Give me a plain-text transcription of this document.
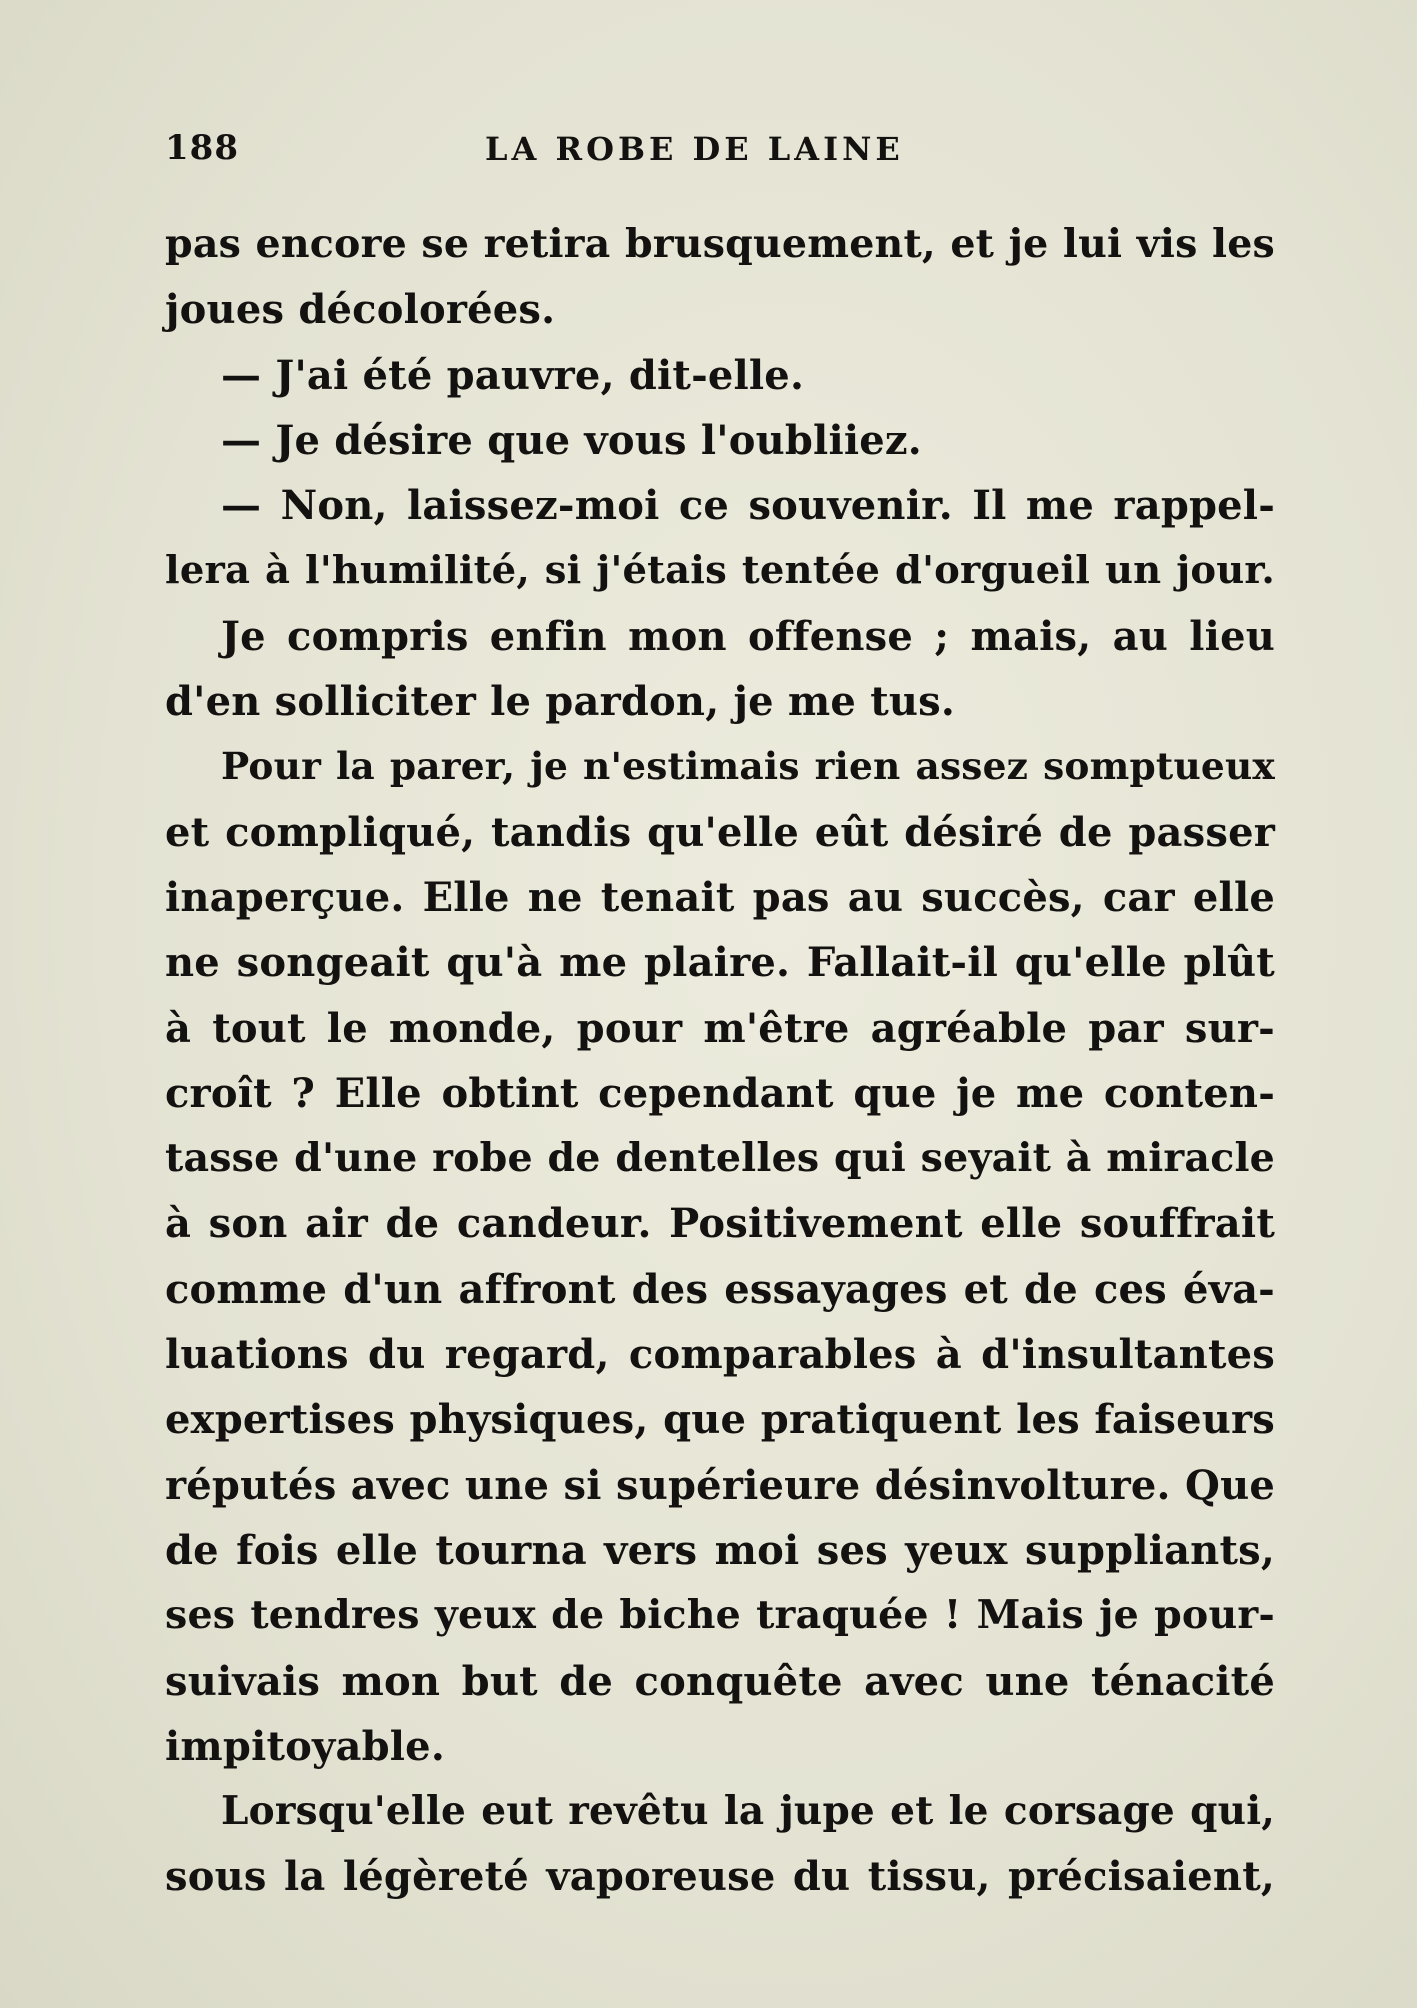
188	LA ROBE DE LAINE
pas encore se retira brusquement, et je lui vis les
joues décolorées.
— J'ai été pauvre, dit-elle.
— Je désire que vous l'oubliiez.
— Non, laissez-moi ce souvenir. Il me rappel-
lera à l'humilité, si j'étais tentée d'orgueil un jour.
Je compris enfin mon offense ; mais, au lieu
d'en solliciter le pardon, je me tus.
Pour la parer, je n'estimais rien assez somptueux
et compliqué, tandis qu'elle eût désiré de passer
inaperçue. Elle ne tenait pas au succès, car elle
ne songeait qu'à me plaire. Fallait-il qu'elle plût
à tout le monde, pour m'être agréable par sur-
croît ? Elle obtint cependant que je me conten-
tasse d'une robe de dentelles qui seyait à miracle
à son air de candeur. Positivement elle souffrait
comme d'un affront des essayages et de ces éva-
luations du regard, comparables à d'insultantes
expertises physiques, que pratiquent les faiseurs
réputés avec une si supérieure désinvolture. Que
de fois elle tourna vers moi ses yeux suppliants,
ses tendres yeux de biche traquée ! Mais je pour-
suivais mon but de conquête avec une ténacité
impitoyable.
Lorsqu'elle eut revêtu la jupe et le corsage qui,
sous la légèreté vaporeuse du tissu, précisaient,
